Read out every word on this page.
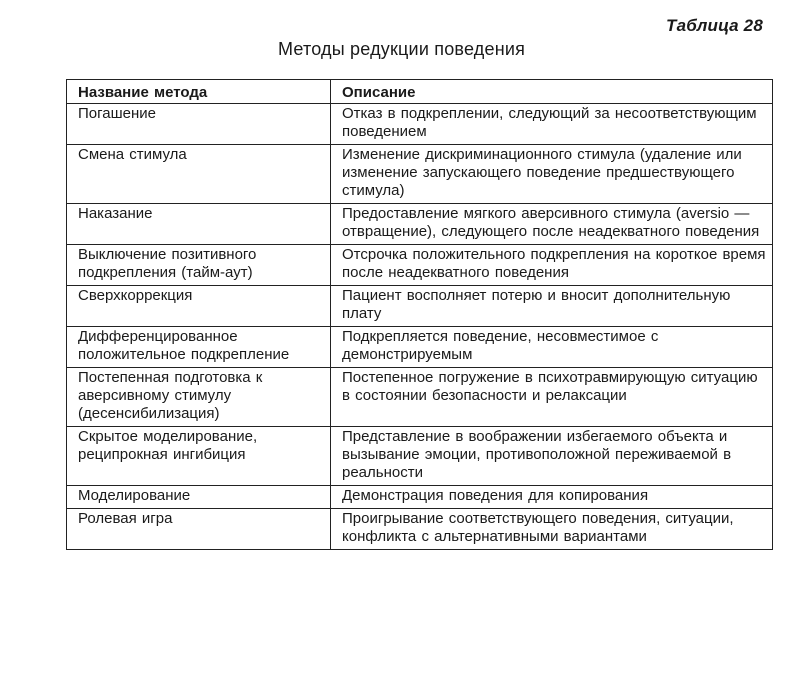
Таблица 28
Методы редукции поведения
Название метода	Описание
Погашение	Отказ в подкреплении, следующий за несоответствующим поведением
Смена стимула	Изменение дискриминационного стимула (удаление или изменение запускающего поведение предшествующего стимула)
Наказание	Предоставление мягкого аверсивного стимула (aversio — отвращение), следующего после неадекватного поведения
Выключение позитивного подкрепления (тайм-аут)	Отсрочка положительного подкрепления на короткое время после неадекватного поведения
Сверхкоррекция	Пациент восполняет потерю и вносит дополнительную плату
Дифференцированное положительное подкрепление	Подкрепляется поведение, несовместимое с демонстрируемым
Постепенная подготовка к аверсивному стимулу (десенсибилизация)	Постепенное погружение в психотравмирующую ситуацию в состоянии безопасности и релаксации
Скрытое моделирование, реципрокная ингибиция	Представление в воображении избегаемого объекта и вызывание эмоции, противоположной переживаемой в реальности
Моделирование	Демонстрация поведения для копирования
Ролевая игра	Проигрывание соответствующего поведения, ситуации, конфликта с альтернативными вариантами
